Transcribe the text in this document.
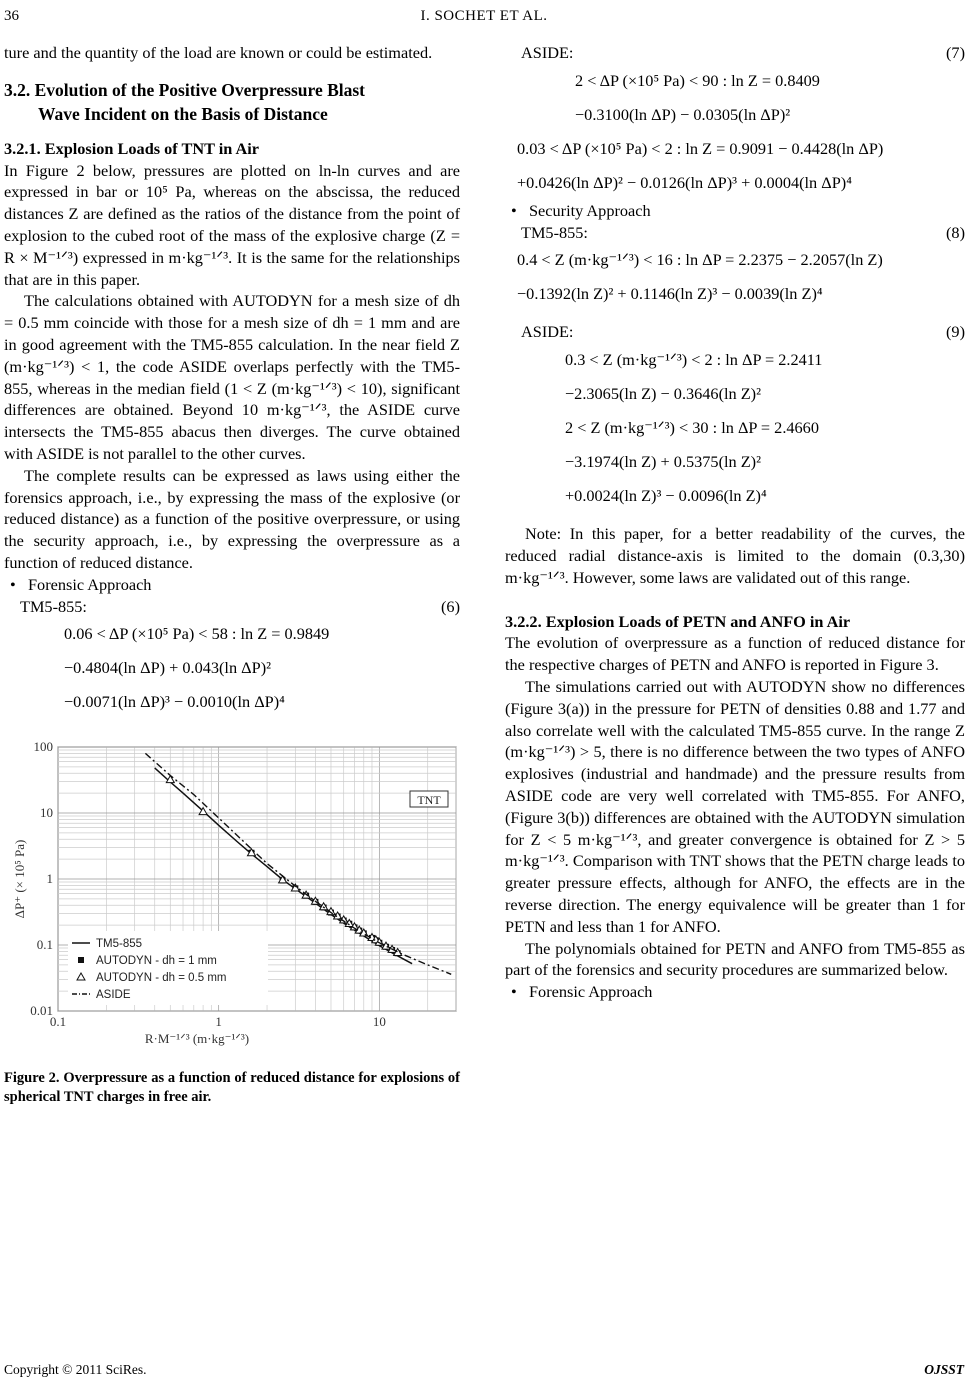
36	I. SOCHET ET AL.

ture and the quantity of the load are known or could be estimated.

3.2. Evolution of the Positive Overpressure Blast
Wave Incident on the Basis of Distance
3.2.1. Explosion Loads of TNT in Air

In Figure 2 below, pressures are plotted on ln-ln curves and are expressed in bar or 10⁵ Pa, whereas on the abscissa, the reduced distances Z are defined as the ratios of the distance from the point of explosion to the cubed root of the mass of the explosive charge (Z = R × M⁻¹ᐟ³) expressed in m·kg⁻¹ᐟ³. It is the same for the relationships that are in this paper.

The calculations obtained with AUTODYN for a mesh size of dh = 0.5 mm coincide with those for a mesh size of dh = 1 mm and are in good agreement with the TM5-855 calculation. In the near field Z (m·kg⁻¹ᐟ³) < 1, the code ASIDE overlaps perfectly with the TM5-855, whereas in the median field (1 < Z (m·kg⁻¹ᐟ³) < 10), significant differences are obtained. Beyond 10 m·kg⁻¹ᐟ³, the ASIDE curve intersects the TM5-855 abacus then diverges. The curve obtained with ASIDE is not parallel to the other curves.

The complete results can be expressed as laws using either the forensics approach, i.e., by expressing the mass of the explosive (or reduced distance) as a function of the positive overpressure, or using the security approach, i.e., by expressing the overpressure as a function of reduced distance.

• Forensic Approach

TM5-855:	(6)
0.06 < ΔP (×10⁵ Pa) < 58 : ln Z = 0.9849
−0.4804(ln ΔP) + 0.043(ln ΔP)²
−0.0071(ln ΔP)³ − 0.0010(ln ΔP)⁴
0.1	1	10
100
10
1
0.1
0.01
R·M⁻¹ᐟ³ (m·kg⁻¹ᐟ³)
ΔP⁺ (× 10⁵ Pa)
TNT
TM5-855
AUTODYN - dh = 1 mm
AUTODYN - dh = 0.5 mm
ASIDE
Figure 2. Overpressure as a function of reduced distance for explosions of spherical TNT charges in free air.
ASIDE:	(7)
2 < ΔP (×10⁵ Pa) < 90 : ln Z = 0.8409
−0.3100(ln ΔP) − 0.0305(ln ΔP)²
0.03 < ΔP (×10⁵ Pa) < 2 : ln Z = 0.9091 − 0.4428(ln ΔP)
+0.0426(ln ΔP)² − 0.0126(ln ΔP)³ + 0.0004(ln ΔP)⁴

• Security Approach

TM5-855:	(8)
0.4 < Z (m·kg⁻¹ᐟ³) < 16 : ln ΔP = 2.2375 − 2.2057(ln Z)
−0.1392(ln Z)² + 0.1146(ln Z)³ − 0.0039(ln Z)⁴
ASIDE:	(9)
0.3 < Z (m·kg⁻¹ᐟ³) < 2 : ln ΔP = 2.2411
−2.3065(ln Z) − 0.3646(ln Z)²
2 < Z (m·kg⁻¹ᐟ³) < 30 : ln ΔP = 2.4660
−3.1974(ln Z) + 0.5375(ln Z)²
+0.0024(ln Z)³ − 0.0096(ln Z)⁴

Note: In this paper, for a better readability of the curves, the reduced radial distance-axis is limited to the domain (0.3,30) m·kg⁻¹ᐟ³. However, some laws are validated out of this range.

3.2.2. Explosion Loads of PETN and ANFO in Air

The evolution of overpressure as a function of reduced distance for the respective charges of PETN and ANFO is reported in Figure 3.

The simulations carried out with AUTODYN show no differences (Figure 3(a)) in the pressure for PETN of densities 0.88 and 1.77 and also correlate well with the calculated TM5-855 curve. In the range Z (m·kg⁻¹ᐟ³) > 5, there is no difference between the two types of ANFO explosives (industrial and handmade) and the pressure results from ASIDE code are very well correlated with TM5-855. For ANFO, (Figure 3(b)) differences are obtained with the AUTODYN simulation for Z < 5 m·kg⁻¹ᐟ³, and greater convergence is obtained for Z > 5 m·kg⁻¹ᐟ³. Comparison with TNT shows that the PETN charge leads to greater pressure effects, although for ANFO, the effects are in the reverse direction. The energy equivalence will be greater than 1 for PETN and less than 1 for ANFO.

The polynomials obtained for PETN and ANFO from TM5-855 as part of the forensics and security procedures are summarized below.

• Forensic Approach

Copyright © 2011 SciRes.	OJSST
